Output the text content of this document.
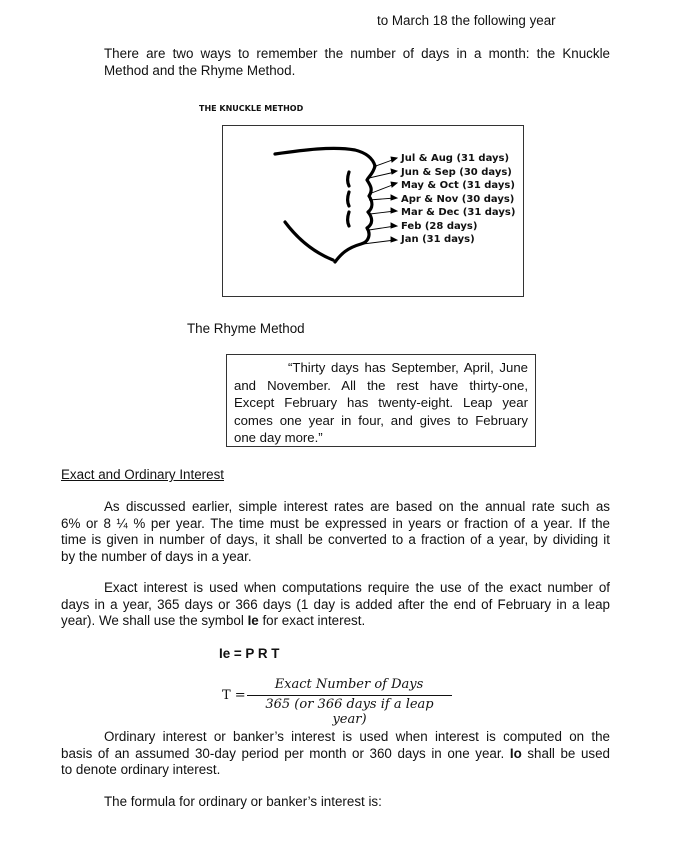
to March 18 the following year
There are two ways to remember the number of days in a month: the Knuckle
Method and the Rhyme Method.
THE KNUCKLE METHOD
Jul & Aug (31 days)
Jun & Sep (30 days)
May & Oct (31 days)
Apr & Nov (30 days)
Mar & Dec (31 days)
Feb (28 days)
Jan (31 days)
The Rhyme Method
“Thirty days has September, April, June
and November. All the rest have thirty-one,
Except February has twenty-eight. Leap year
comes one year in four, and gives to February
one day more.”
Exact and Ordinary Interest
As discussed earlier, simple interest rates are based on the annual rate such as
6% or 8 ¼ % per year. The time must be expressed in years or fraction of a year. If the
time is given in number of days, it shall be converted to a fraction of a year, by dividing it
by the number of days in a year.
Exact interest is used when computations require the use of the exact number of
days in a year, 365 days or 366 days (1 day is added after the end of February in a leap
year). We shall use the symbol Ie for exact interest.
Ie = P R T
T =
Exact Number of Days
365 (or 366 days if a leap year)
Ordinary interest or banker’s interest is used when interest is computed on the
basis of an assumed 30-day period per month or 360 days in one year. Io shall be used
to denote ordinary interest.
The formula for ordinary or banker’s interest is:
